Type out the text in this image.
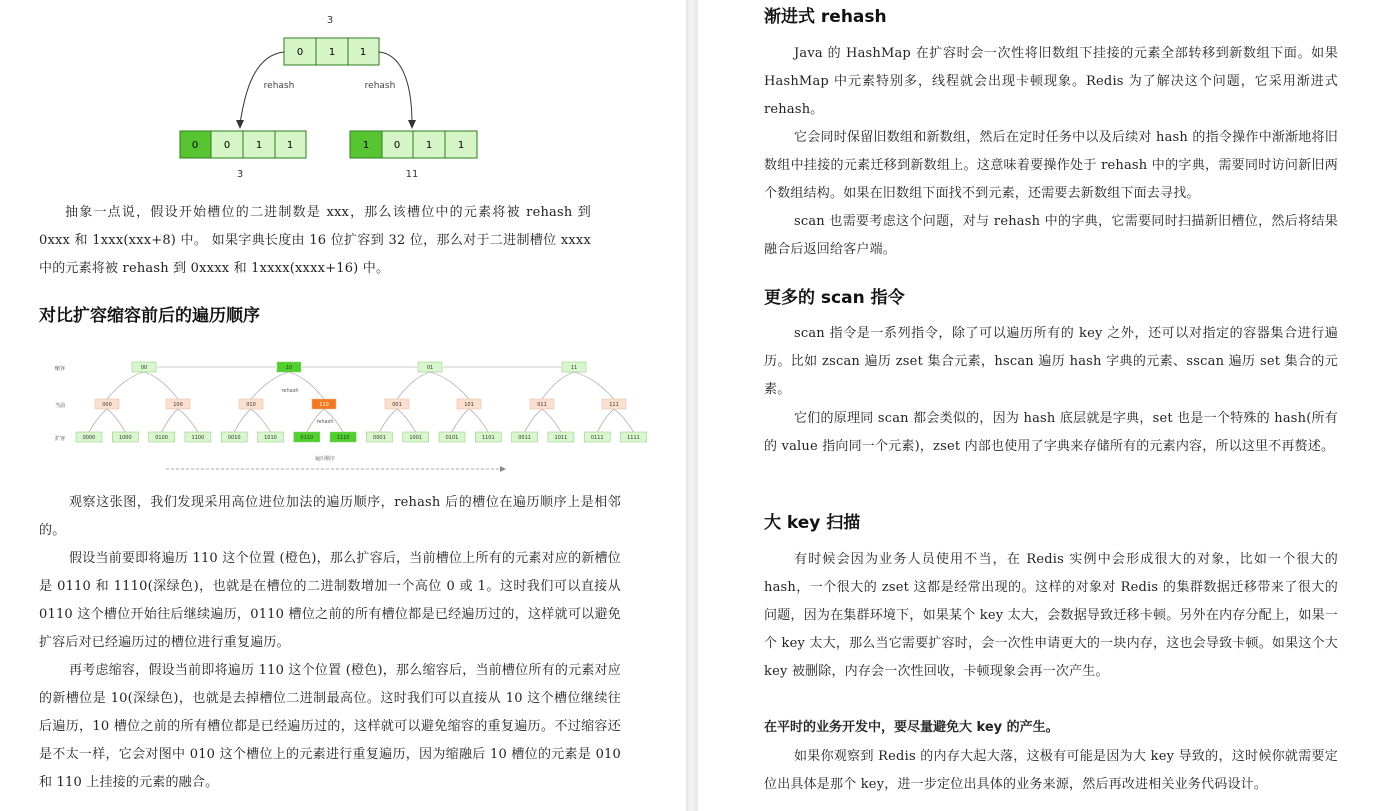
3
0	1 1
rehash	rehash
0	0	1 1	1 0	1	1
3	11
抽象一点说，假设开始槽位的二进制数是 xxx，那么该槽位中的元素将被 rehash 到 0xxx 和 1xxx(xxx+8) 中。 如果字典长度由 16 位扩容到 32 位，那么对于二进制槽位 xxxx 中的元素将被 rehash 到 0xxxx 和 1xxxx(xxxx+16) 中。
对比扩容缩容前后的遍历顺序
缩容
当前
扩容
00	10	01	11
rehash
000	100	010	110	001	101	011	111
rehash
0000	1000	0100	1100	0010	1010	0110	1110	0001	1001	0101	1101	0011	1011	0111	1111
遍历顺序
观察这张图，我们发现采用高位进位加法的遍历顺序，rehash 后的槽位在遍历顺序上是相邻的。
假设当前要即将遍历 110 这个位置 (橙色)，那么扩容后，当前槽位上所有的元素对应的新槽位是 0110 和 1110(深绿色)，也就是在槽位的二进制数增加一个高位 0 或 1。这时我们可以直接从 0110 这个槽位开始往后继续遍历，0110 槽位之前的所有槽位都是已经遍历过的，这样就可以避免扩容后对已经遍历过的槽位进行重复遍历。
再考虑缩容，假设当前即将遍历 110 这个位置 (橙色)，那么缩容后，当前槽位所有的元素对应的新槽位是 10(深绿色)，也就是去掉槽位二进制最高位。这时我们可以直接从 10 这个槽位继续往后遍历，10 槽位之前的所有槽位都是已经遍历过的，这样就可以避免缩容的重复遍历。不过缩容还是不太一样，它会对图中 010 这个槽位上的元素进行重复遍历，因为缩融后 10 槽位的元素是 010 和 110 上挂接的元素的融合。
渐进式 rehash
Java 的 HashMap 在扩容时会一次性将旧数组下挂接的元素全部转移到新数组下面。如果 HashMap 中元素特别多，线程就会出现卡顿现象。Redis 为了解决这个问题，它采用渐进式 rehash。
它会同时保留旧数组和新数组，然后在定时任务中以及后续对 hash 的指令操作中渐渐地将旧数组中挂接的元素迁移到新数组上。这意味着要操作处于 rehash 中的字典，需要同时访问新旧两个数组结构。如果在旧数组下面找不到元素，还需要去新数组下面去寻找。
scan 也需要考虑这个问题，对与 rehash 中的字典，它需要同时扫描新旧槽位，然后将结果融合后返回给客户端。
更多的 scan 指令
scan 指令是一系列指令，除了可以遍历所有的 key 之外，还可以对指定的容器集合进行遍历。比如 zscan 遍历 zset 集合元素，hscan 遍历 hash 字典的元素、sscan 遍历 set 集合的元素。
它们的原理同 scan 都会类似的，因为 hash 底层就是字典，set 也是一个特殊的 hash(所有的 value 指向同一个元素)，zset 内部也使用了字典来存储所有的元素内容，所以这里不再赘述。
大 key 扫描
有时候会因为业务人员使用不当，在 Redis 实例中会形成很大的对象，比如一个很大的 hash，一个很大的 zset 这都是经常出现的。这样的对象对 Redis 的集群数据迁移带来了很大的问题，因为在集群环境下，如果某个 key 太大，会数据导致迁移卡顿。另外在内存分配上，如果一个 key 太大，那么当它需要扩容时，会一次性申请更大的一块内存，这也会导致卡顿。如果这个大 key 被删除，内存会一次性回收，卡顿现象会再一次产生。
在平时的业务开发中，要尽量避免大 key 的产生。
如果你观察到 Redis 的内存大起大落，这极有可能是因为大 key 导致的，这时候你就需要定位出具体是那个 key，进一步定位出具体的业务来源，然后再改进相关业务代码设计。
